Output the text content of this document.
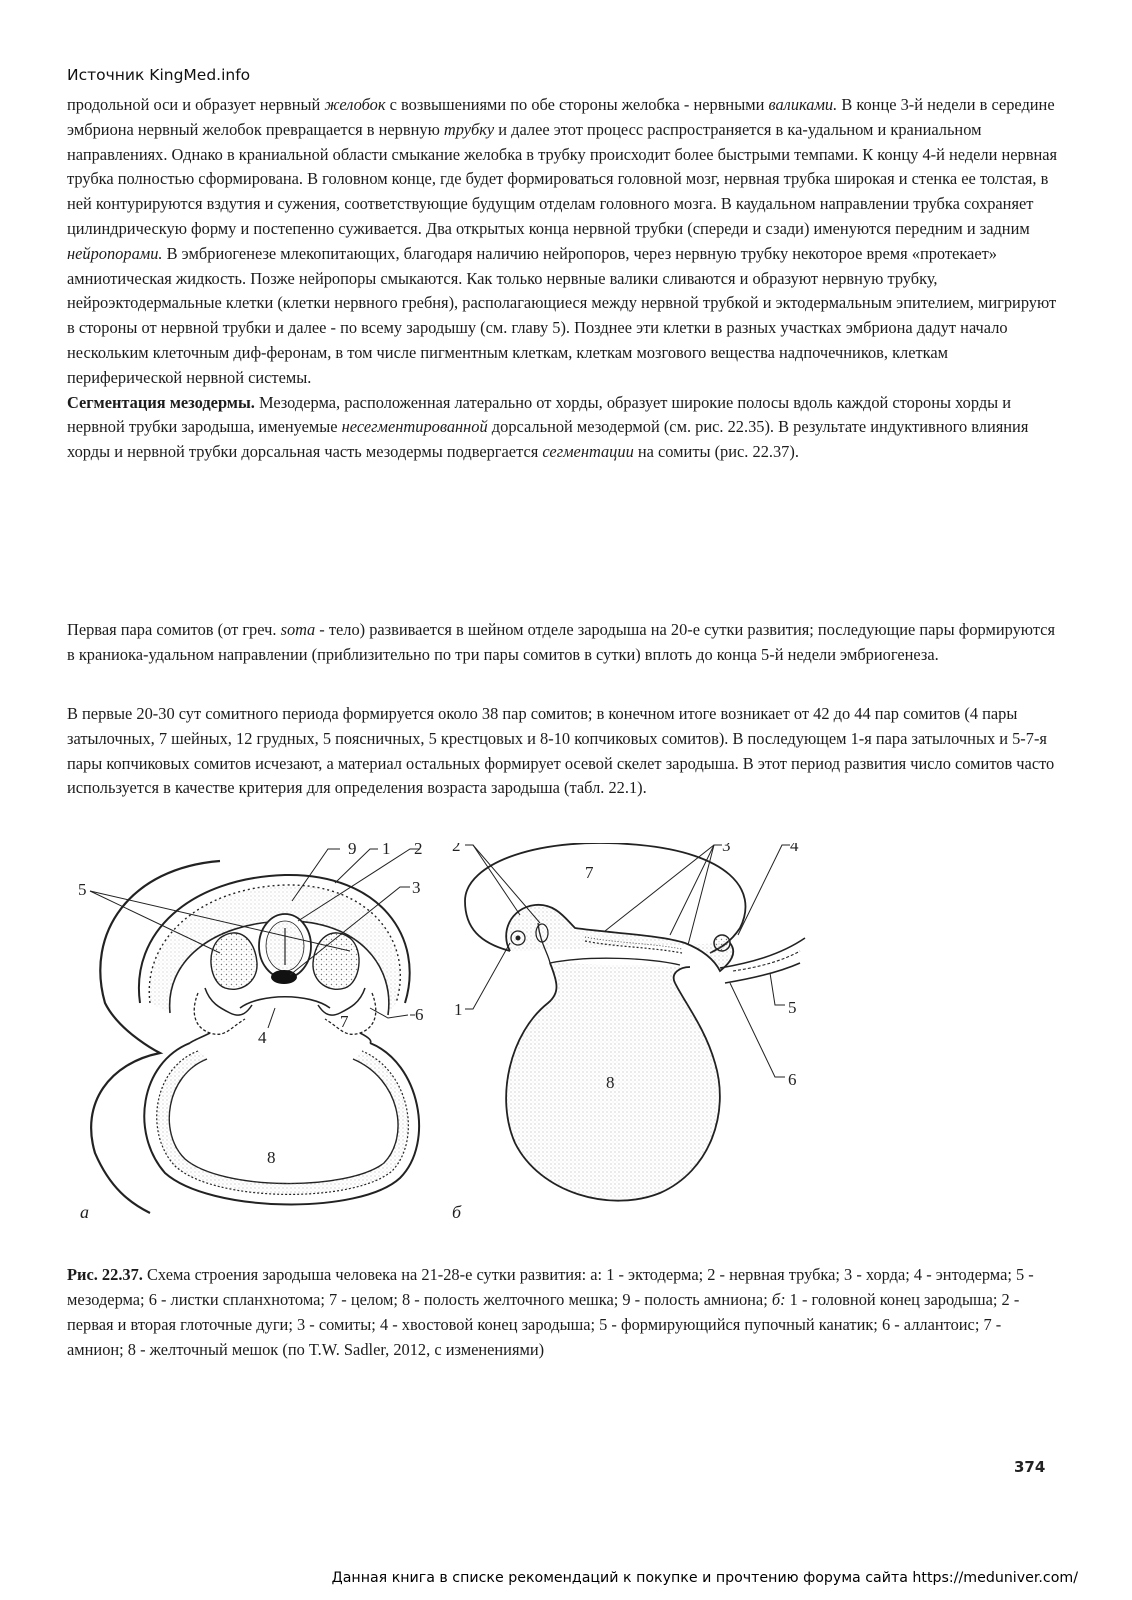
Источник KingMed.info

продольной оси и образует нервный желобок с возвышениями по обе стороны желобка - нервными валиками. В конце 3-й недели в середине эмбриона нервный желобок превращается в нервную трубку и далее этот процесс распространяется в ка-удальном и краниальном направлениях. Однако в краниальной области смыкание желобка в трубку происходит более быстрыми темпами. К концу 4-й недели нервная трубка полностью сформирована. В головном конце, где будет формироваться головной мозг, нервная трубка широкая и стенка ее толстая, в ней контурируются вздутия и сужения, соответствующие будущим отделам головного мозга. В каудальном направлении трубка сохраняет цилиндрическую форму и постепенно суживается. Два открытых конца нервной трубки (спереди и сзади) именуются передним и задним нейропорами. В эмбриогенезе млекопитающих, благодаря наличию нейропоров, через нервную трубку некоторое время «протекает» амниотическая жидкость. Позже нейропоры смыкаются. Как только нервные валики сливаются и образуют нервную трубку, нейроэктодермальные клетки (клетки нервного гребня), располагающиеся между нервной трубкой и эктодермальным эпителием, мигрируют в стороны от нервной трубки и далее - по всему зародышу (см. главу 5). Позднее эти клетки в разных участках эмбриона дадут начало нескольким клеточным диф-феронам, в том числе пигментным клеткам, клеткам мозгового вещества надпочечников, клеткам периферической нервной системы.

Сегментация мезодермы. Мезодерма, расположенная латерально от хорды, образует широкие полосы вдоль каждой стороны хорды и нервной трубки зародыша, именуемые несегментированной дорсальной мезодермой (см. рис. 22.35). В результате индуктивного влияния хорды и нервной трубки дорсальная часть мезодермы подвергается сегментации на сомиты (рис. 22.37).

Первая пара сомитов (от греч. soma - тело) развивается в шейном отделе зародыша на 20-е сутки развития; последующие пары формируются в краниока-удальном направлении (приблизительно по три пары сомитов в сутки) вплоть до конца 5-й недели эмбриогенеза.

В первые 20-30 сут сомитного периода формируется около 38 пар сомитов; в конечном итоге возникает от 42 до 44 пар сомитов (4 пары затылочных, 7 шейных, 12 грудных, 5 поясничных, 5 крестцовых и 8-10 копчиковых сомитов). В последующем 1-я пара затылочных и 5-7-я пары копчиковых сомитов исчезают, а материал остальных формирует осевой скелет зародыша. В этот период развития число сомитов часто используется в качестве критерия для определения возраста зародыша (табл. 22.1).

9 1 2
3
5
4
7	6
8
а
2	3	4
7
1	5
6
8
б

Рис. 22.37. Схема строения зародыша человека на 21-28-е сутки развития: а: 1 - эктодерма; 2 - нервная трубка; 3 - хорда; 4 - энтодерма; 5 - мезодерма; 6 - листки спланхнотома; 7 - целом; 8 - полость желточного мешка; 9 - полость амниона; б: 1 - головной конец зародыша; 2 - первая и вторая глоточные дуги; 3 - сомиты; 4 - хвостовой конец зародыша; 5 - формирующийся пупочный канатик; 6 - аллантоис; 7 - амнион; 8 - желточный мешок (по T.W. Sadler, 2012, с изменениями)

374
Данная книга в списке рекомендаций к покупке и прочтению форума сайта https://meduniver.com/
